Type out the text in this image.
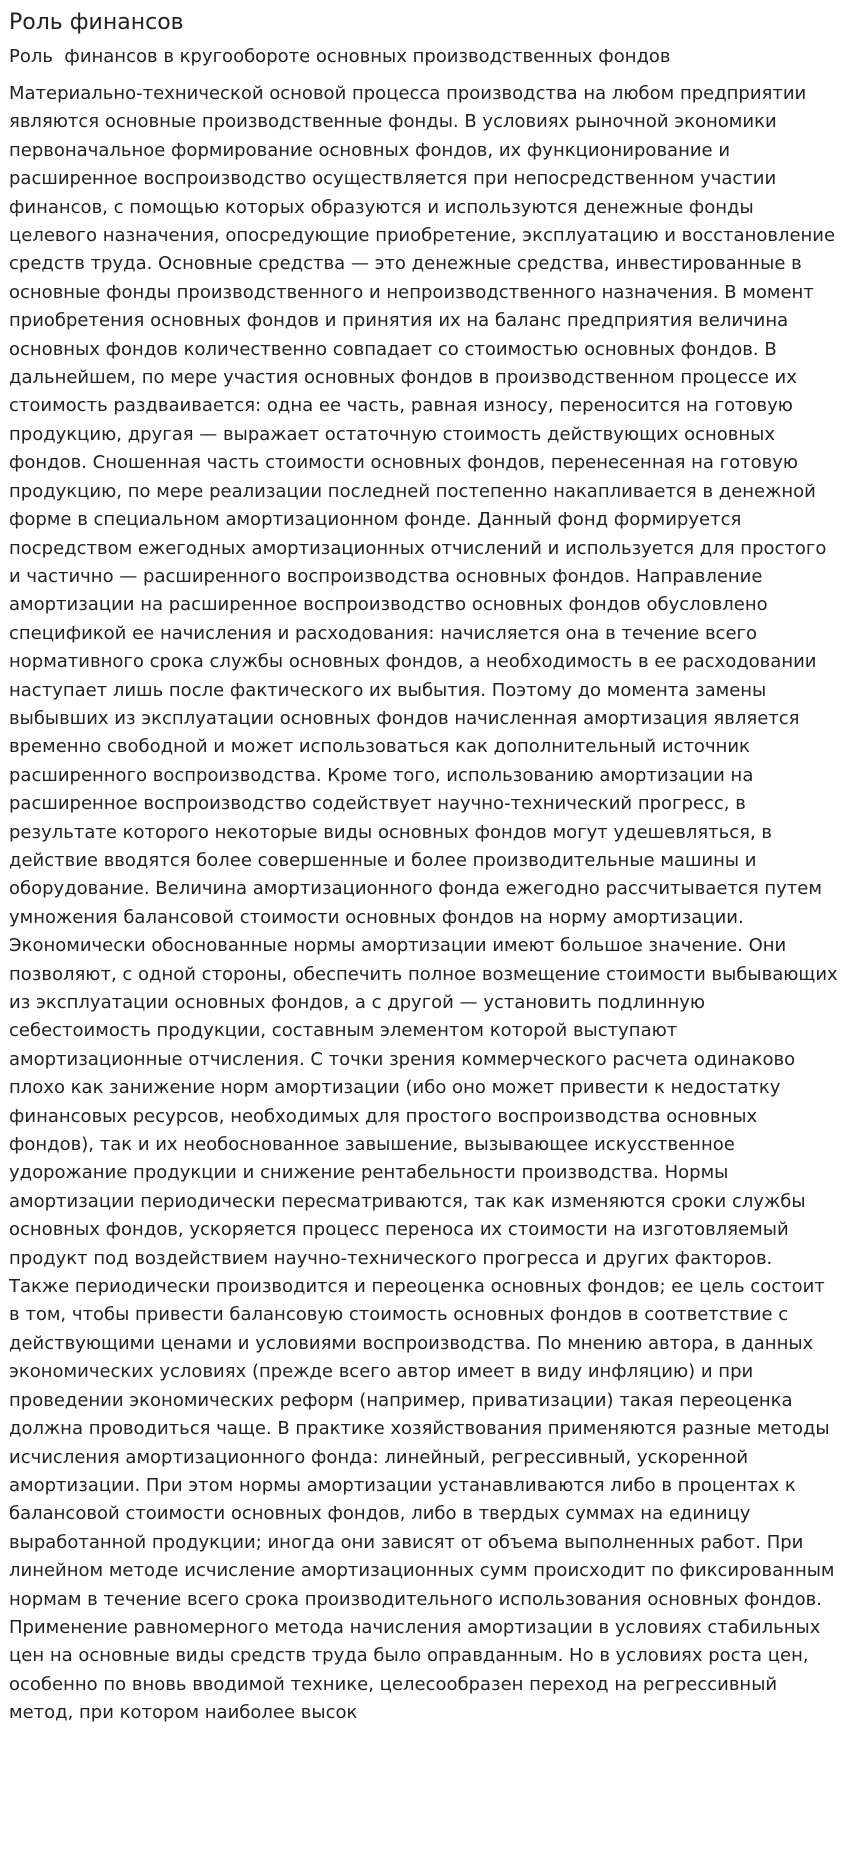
Роль финансов
Роль  финансов в кругообороте основных производственных фондов

Материально-технической основой процесса производства на любом предприятии являются основные производственные фонды. В условиях рыночной экономики первоначальное формирование основных фондов, их функционирование и расширенное воспроизводство осуществляется при непосредственном участии финансов, с помощью которых образуются и используются денежные фонды целевого назначения, опосредующие приобретение, эксплуатацию и восстановление средств труда. Основные средства — это денежные средства, инвестированные в основные фонды производственного и непроизводственного назначения. В момент приобретения основных фондов и принятия их на баланс предприятия величина основных фондов количественно совпадает со стоимостью основных фондов. В дальнейшем, по мере участия основных фондов в производственном процессе их стоимость раздваивается: одна ее часть, равная износу, переносится на готовую продукцию, другая — выражает остаточную стоимость действующих основных фондов. Сношенная часть стоимости основных фондов, перенесенная на готовую продукцию, по мере реализации последней постепенно накапливается в денежной форме в специальном амортизационном фонде. Данный фонд формируется посредством ежегодных амортизационных отчислений и используется для простого и частично — расширенного воспроизводства основных фондов. Направление амортизации на расширенное воспроизводство основных фондов обусловлено спецификой ее начисления и расходования: начисляется она в течение всего нормативного срока службы основных фондов, а необходимость в ее расходовании наступает лишь после фактического их выбытия. Поэтому до момента замены выбывших из эксплуатации основных фондов начисленная амортизация является временно свободной и может использоваться как дополнительный источник расширенного воспроизводства. Кроме того, использованию амортизации на расширенное воспроизводство содействует научно-технический прогресс, в результате которого некоторые виды основных фондов могут удешевляться, в действие вводятся более совершенные и более производительные машины и оборудование. Величина амортизационного фонда ежегодно рассчитывается путем умножения балансовой стоимости основных фондов на норму амортизации. Экономически обоснованные нормы амортизации имеют большое значение. Они позволяют, с одной стороны, обеспечить полное возмещение стоимости выбывающих из эксплуатации основных фондов, а с другой — установить подлинную себестоимость продукции, составным элементом которой выступают амортизационные отчисления. С точки зрения коммерческого расчета одинаково плохо как занижение норм амортизации (ибо оно может привести к недостатку финансовых ресурсов, необходимых для простого воспроизводства основных фондов), так и их необоснованное завышение, вызывающее искусственное удорожание продукции и снижение рентабельности производства. Нормы амортизации периодически пересматриваются, так как изменяются сроки службы основных фондов, ускоряется процесс переноса их стоимости на изготовляемый продукт под воздействием научно-технического прогресса и других факторов. Также периодически производится и переоценка основных фондов; ее цель состоит в том, чтобы привести балансовую стоимость основных фондов в соответствие с действующими ценами и условиями воспроизводства. По мнению автора, в данных экономических условиях (прежде всего автор имеет в виду инфляцию) и при проведении экономических реформ (например, приватизации) такая переоценка должна проводиться чаще. В практике хозяйствования применяются разные методы исчисления амортизационного фонда: линейный, регрессивный, ускоренной амортизации. При этом нормы амортизации устанавливаются либо в процентах к балансовой стоимости основных фондов, либо в твердых суммах на единицу выработанной продукции; иногда они зависят от объема выполненных работ. При линейном методе исчисление амортизационных сумм происходит по фиксированным нормам в течение всего срока производительного использования основных фондов. Применение равномерного метода начисления амортизации в условиях стабильных цен на основные виды средств труда было оправданным. Но в условиях роста цен, особенно по вновь вводимой технике, целесообразен переход на регрессивный метод, при котором наиболее высок
